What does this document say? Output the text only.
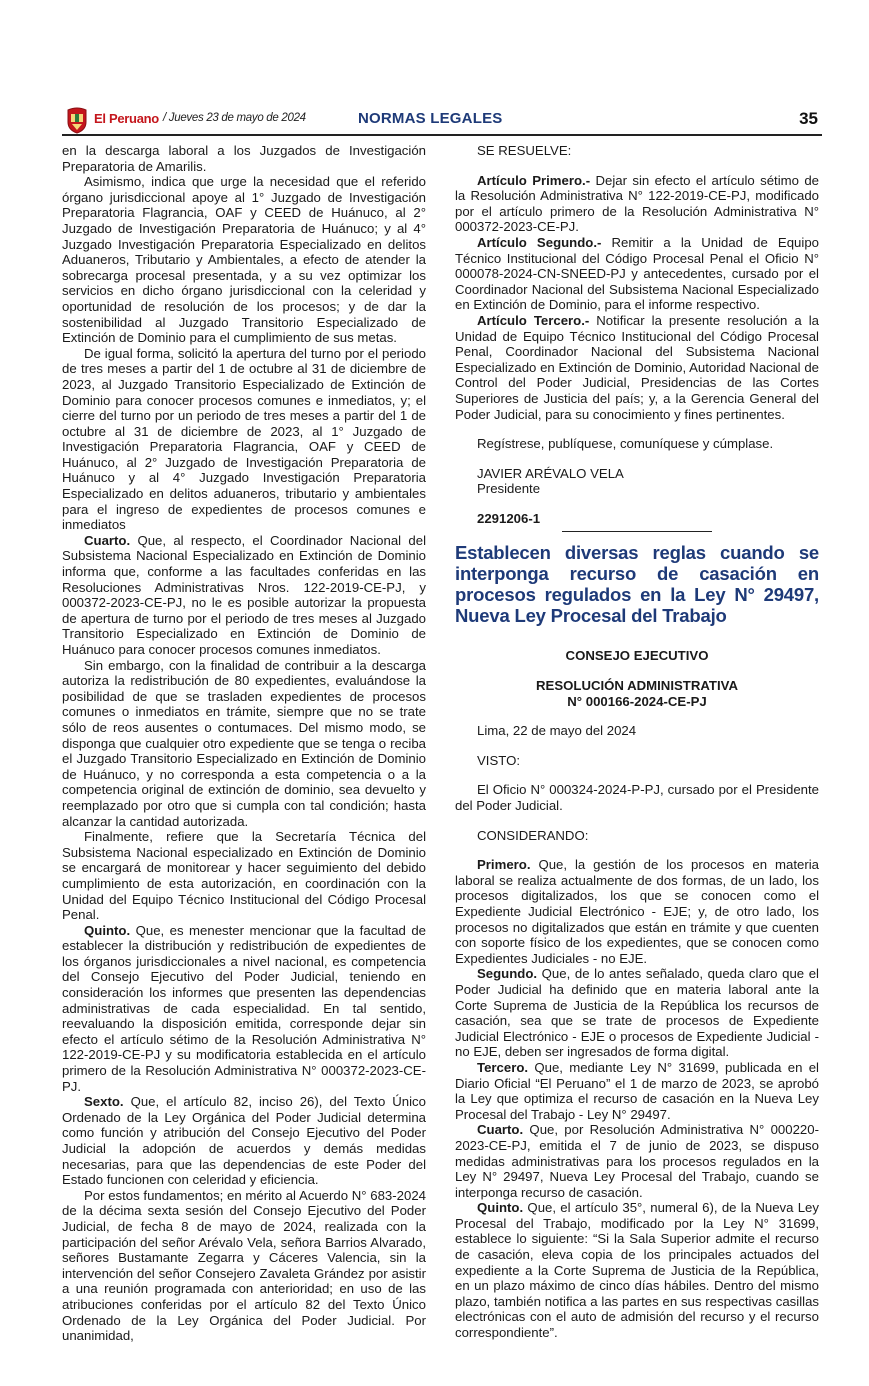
El Peruano / Jueves 23 de mayo de 2024	NORMAS LEGALES	35

en la descarga laboral a los Juzgados de Investigación Preparatoria de Amarilis.

Asimismo, indica que urge la necesidad que el referido órgano jurisdiccional apoye al 1° Juzgado de Investigación Preparatoria Flagrancia, OAF y CEED de Huánuco, al 2° Juzgado de Investigación Preparatoria de Huánuco; y al 4° Juzgado Investigación Preparatoria Especializado en delitos Aduaneros, Tributario y Ambientales, a efecto de atender la sobrecarga procesal presentada, y a su vez optimizar los servicios en dicho órgano jurisdiccional con la celeridad y oportunidad de resolución de los procesos; y de dar la sostenibilidad al Juzgado Transitorio Especializado de Extinción de Dominio para el cumplimiento de sus metas.

De igual forma, solicitó la apertura del turno por el periodo de tres meses a partir del 1 de octubre al 31 de diciembre de 2023, al Juzgado Transitorio Especializado de Extinción de Dominio para conocer procesos comunes e inmediatos, y; el cierre del turno por un periodo de tres meses a partir del 1 de octubre al 31 de diciembre de 2023, al 1° Juzgado de Investigación Preparatoria Flagrancia, OAF y CEED de Huánuco, al 2° Juzgado de Investigación Preparatoria de Huánuco y al 4° Juzgado Investigación Preparatoria Especializado en delitos aduaneros, tributario y ambientales para el ingreso de expedientes de procesos comunes e inmediatos

Cuarto. Que, al respecto, el Coordinador Nacional del Subsistema Nacional Especializado en Extinción de Dominio informa que, conforme a las facultades conferidas en las Resoluciones Administrativas Nros. 122-2019-CE-PJ, y 000372-2023-CE-PJ, no le es posible autorizar la propuesta de apertura de turno por el periodo de tres meses al Juzgado Transitorio Especializado en Extinción de Dominio de Huánuco para conocer procesos comunes inmediatos.

Sin embargo, con la finalidad de contribuir a la descarga autoriza la redistribución de 80 expedientes, evaluándose la posibilidad de que se trasladen expedientes de procesos comunes o inmediatos en trámite, siempre que no se trate sólo de reos ausentes o contumaces. Del mismo modo, se disponga que cualquier otro expediente que se tenga o reciba el Juzgado Transitorio Especializado en Extinción de Dominio de Huánuco, y no corresponda a esta competencia o a la competencia original de extinción de dominio, sea devuelto y reemplazado por otro que si cumpla con tal condición; hasta alcanzar la cantidad autorizada.

Finalmente, refiere que la Secretaría Técnica del Subsistema Nacional especializado en Extinción de Dominio se encargará de monitorear y hacer seguimiento del debido cumplimiento de esta autorización, en coordinación con la Unidad del Equipo Técnico Institucional del Código Procesal Penal.

Quinto. Que, es menester mencionar que la facultad de establecer la distribución y redistribución de expedientes de los órganos jurisdiccionales a nivel nacional, es competencia del Consejo Ejecutivo del Poder Judicial, teniendo en consideración los informes que presenten las dependencias administrativas de cada especialidad. En tal sentido, reevaluando la disposición emitida, corresponde dejar sin efecto el artículo sétimo de la Resolución Administrativa N° 122-2019-CE-PJ y su modificatoria establecida en el artículo primero de la Resolución Administrativa N° 000372-2023-CE-PJ.

Sexto. Que, el artículo 82, inciso 26), del Texto Único Ordenado de la Ley Orgánica del Poder Judicial determina como función y atribución del Consejo Ejecutivo del Poder Judicial la adopción de acuerdos y demás medidas necesarias, para que las dependencias de este Poder del Estado funcionen con celeridad y eficiencia.

Por estos fundamentos; en mérito al Acuerdo N° 683-2024 de la décima sexta sesión del Consejo Ejecutivo del Poder Judicial, de fecha 8 de mayo de 2024, realizada con la participación del señor Arévalo Vela, señora Barrios Alvarado, señores Bustamante Zegarra y Cáceres Valencia, sin la intervención del señor Consejero Zavaleta Grández por asistir a una reunión programada con anterioridad; en uso de las atribuciones conferidas por el artículo 82 del Texto Único Ordenado de la Ley Orgánica del Poder Judicial. Por unanimidad,

SE RESUELVE:

Artículo Primero.- Dejar sin efecto el artículo sétimo de la Resolución Administrativa N° 122-2019-CE-PJ, modificado por el artículo primero de la Resolución Administrativa N° 000372-2023-CE-PJ.

Artículo Segundo.- Remitir a la Unidad de Equipo Técnico Institucional del Código Procesal Penal el Oficio N° 000078-2024-CN-SNEED-PJ y antecedentes, cursado por el Coordinador Nacional del Subsistema Nacional Especializado en Extinción de Dominio, para el informe respectivo.

Artículo Tercero.- Notificar la presente resolución a la Unidad de Equipo Técnico Institucional del Código Procesal Penal, Coordinador Nacional del Subsistema Nacional Especializado en Extinción de Dominio, Autoridad Nacional de Control del Poder Judicial, Presidencias de las Cortes Superiores de Justicia del país; y, a la Gerencia General del Poder Judicial, para su conocimiento y fines pertinentes.

Regístrese, publíquese, comuníquese y cúmplase.

JAVIER ARÉVALO VELA

Presidente

2291206-1

Establecen diversas reglas cuando se interponga recurso de casación en procesos regulados en la Ley N° 29497, Nueva Ley Procesal del Trabajo

CONSEJO EJECUTIVO

RESOLUCIÓN ADMINISTRATIVA

N° 000166-2024-CE-PJ

Lima, 22 de mayo del 2024

VISTO:

El Oficio N° 000324-2024-P-PJ, cursado por el Presidente del Poder Judicial.

CONSIDERANDO:

Primero. Que, la gestión de los procesos en materia laboral se realiza actualmente de dos formas, de un lado, los procesos digitalizados, los que se conocen como el Expediente Judicial Electrónico - EJE; y, de otro lado, los procesos no digitalizados que están en trámite y que cuenten con soporte físico de los expedientes, que se conocen como Expedientes Judiciales - no EJE.

Segundo. Que, de lo antes señalado, queda claro que el Poder Judicial ha definido que en materia laboral ante la Corte Suprema de Justicia de la República los recursos de casación, sea que se trate de procesos de Expediente Judicial Electrónico - EJE o procesos de Expediente Judicial - no EJE, deben ser ingresados de forma digital.

Tercero. Que, mediante Ley N° 31699, publicada en el Diario Oficial “El Peruano” el 1 de marzo de 2023, se aprobó la Ley que optimiza el recurso de casación en la Nueva Ley Procesal del Trabajo - Ley N° 29497.

Cuarto. Que, por Resolución Administrativa N° 000220-2023-CE-PJ, emitida el 7 de junio de 2023, se dispuso medidas administrativas para los procesos regulados en la Ley N° 29497, Nueva Ley Procesal del Trabajo, cuando se interponga recurso de casación.

Quinto. Que, el artículo 35°, numeral 6), de la Nueva Ley Procesal del Trabajo, modificado por la Ley N° 31699, establece lo siguiente: “Si la Sala Superior admite el recurso de casación, eleva copia de los principales actuados del expediente a la Corte Suprema de Justicia de la República, en un plazo máximo de cinco días hábiles. Dentro del mismo plazo, también notifica a las partes en sus respectivas casillas electrónicas con el auto de admisión del recurso y el recurso correspondiente”.
